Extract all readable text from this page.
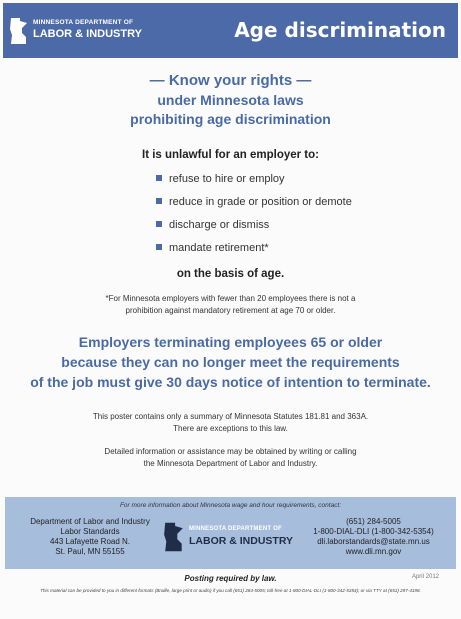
MINNESOTA DEPARTMENT OF
LABOR & INDUSTRY	Age discrimination
— Know your rights —
under Minnesota laws
prohibiting age discrimination
It is unlawful for an employer to:
refuse to hire or employ
reduce in grade or position or demote
discharge or dismiss
mandate retirement*
on the basis of age.
*For Minnesota employers with fewer than 20 employees there is not a
prohibition against mandatory retirement at age 70 or older.
Employers terminating employees 65 or older
because they can no longer meet the requirements
of the job must give 30 days notice of intention to terminate.
This poster contains only a summary of Minnesota Statutes 181.81 and 363A.
There are exceptions to this law.
Detailed information or assistance may be obtained by writing or calling
the Minnesota Department of Labor and Industry.
For more information about Minnesota wage and hour requirements, contact:
Department of Labor and Industry
Labor Standards
443 Lafayette Road N.
St. Paul, MN 55155
MINNESOTA DEPARTMENT OF
LABOR & INDUSTRY
(651) 284-5005
1-800-DIAL-DLI (1-800-342-5354)
dli.laborstandards@state.mn.us
www.dli.mn.gov
Posting required by law.	April 2012
This material can be provided to you in different formats (Braille, large print or audio) if you call (651) 284-5005; toll-free at 1-800-DIAL-DLI (1-800-342-5354); or via TTY at (651) 297-4198.
